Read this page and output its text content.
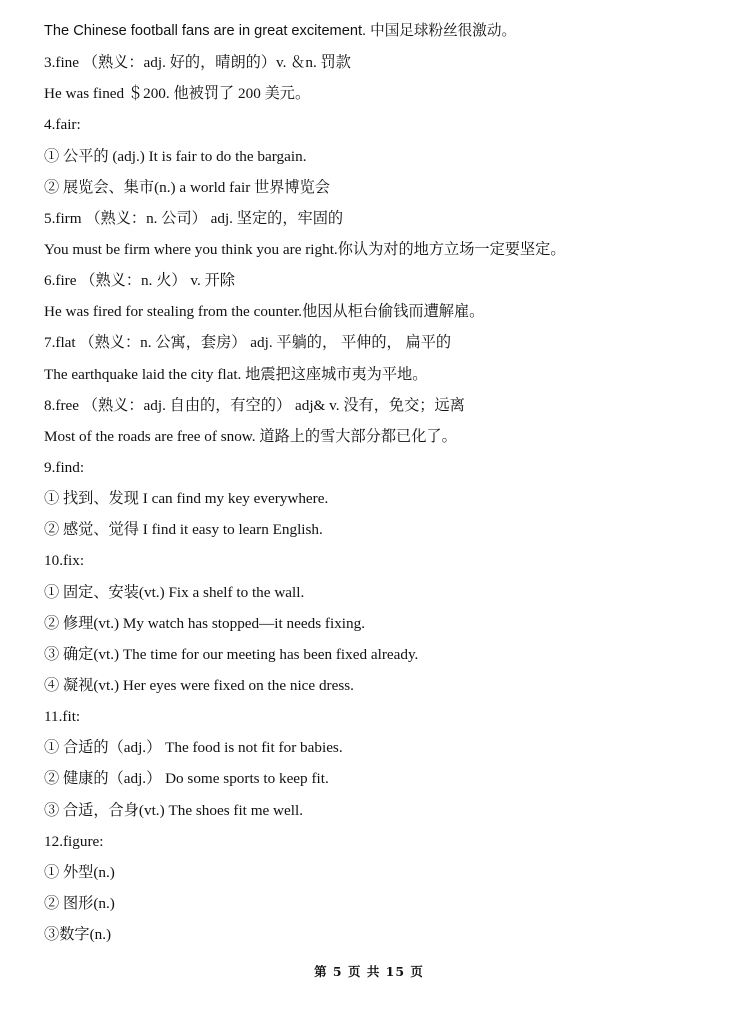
The Chinese football fans are in great excitement. 中国足球粉丝很激动。
3.fine （熟义：adj. 好的，晴朗的）v. ＆n. 罚款
He was fined ＄200. 他被罚了 200 美元。
4.fair:
① 公平的 (adj.) It is fair to do the bargain.
② 展览会、集市(n.) a world fair 世界博览会
5.firm （熟义：n. 公司） adj. 坚定的，牢固的
You must be firm where you think you are right.你认为对的地方立场一定要坚定。
6.fire （熟义：n. 火） v. 开除
He was fired for stealing from the counter.他因从柜台偷钱而遭解雇。
7.flat （熟义：n. 公寓，套房） adj. 平躺的， 平伸的， 扁平的
The earthquake laid the city flat. 地震把这座城市夷为平地。
8.free （熟义：adj. 自由的，有空的） adj& v. 没有，免交；远离
Most of the roads are free of snow. 道路上的雪大部分都已化了。
9.find:
① 找到、发现 I can find my key everywhere.
② 感觉、觉得 I find it easy to learn English.
10.fix:
① 固定、安装(vt.) Fix a shelf to the wall.
② 修理(vt.) My watch has stopped—it needs fixing.
③ 确定(vt.) The time for our meeting has been fixed already.
④ 凝视(vt.) Her eyes were fixed on the nice dress.
11.fit:
① 合适的（adj.） The food is not fit for babies.
② 健康的（adj.） Do some sports to keep fit.
③ 合适，合身(vt.) The shoes fit me well.
12.figure:
① 外型(n.)
② 图形(n.)
③数字(n.)
第 5 页 共 15 页
